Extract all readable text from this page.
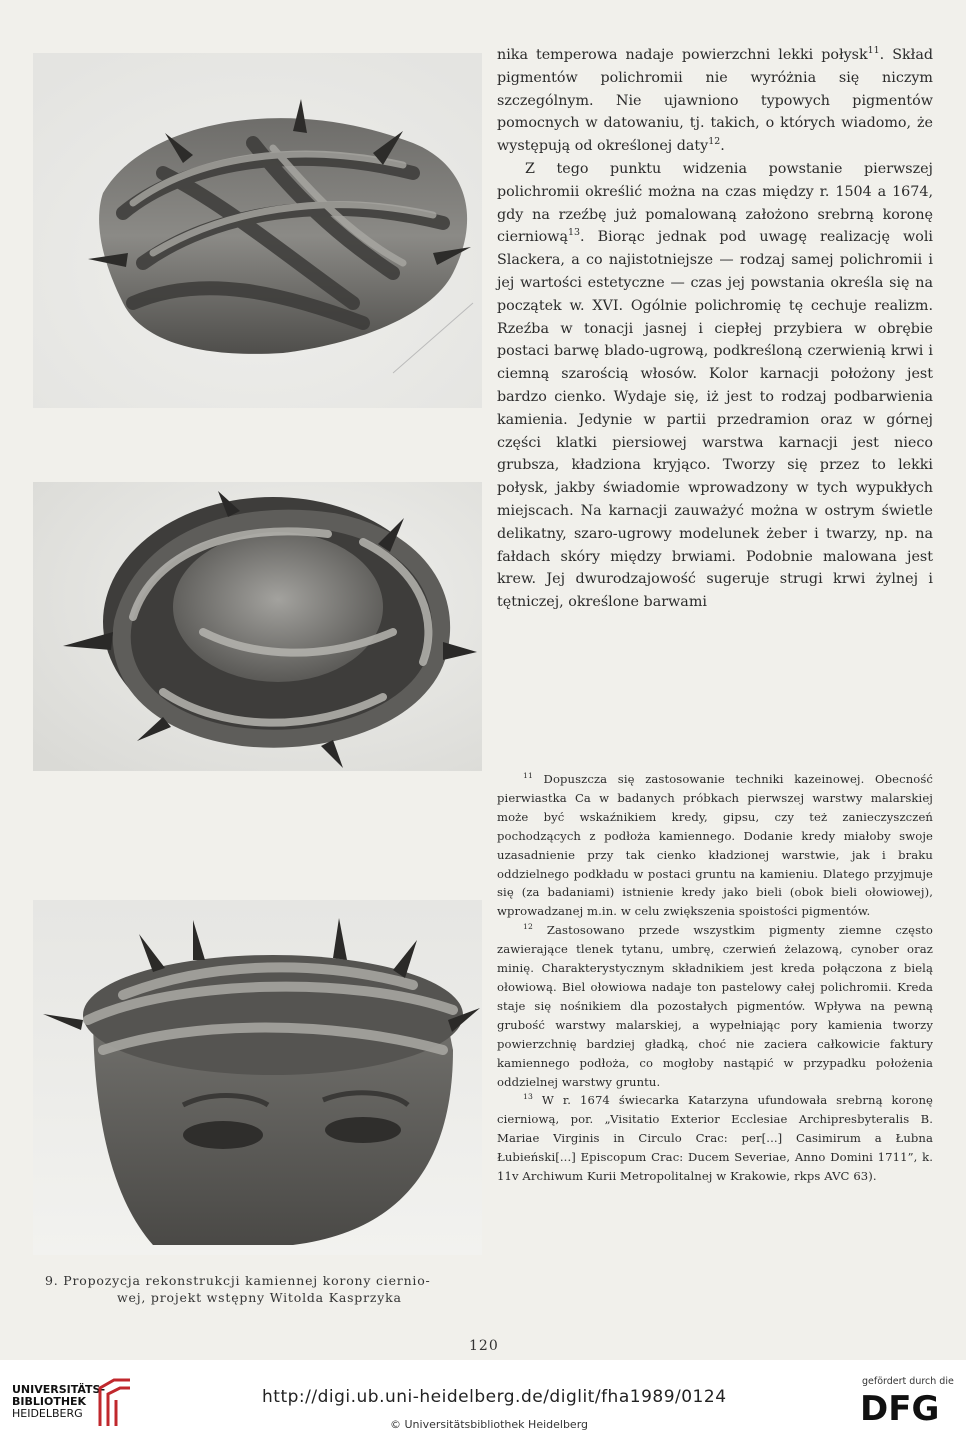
9. Propozycja rekonstrukcji kamiennej korony cierniо-
wej, projekt wstępny Witolda Kasprzyka

nika temperowa nadaje powierzchni lekki połysk$^{11}$. Skład pigmentów polichromii nie wyróżnia się niczym szczególnym. Nie ujawniono typowych pigmentów pomocnych w datowaniu, tj. takich, o których wiadomo, że występują od określonej daty$^{12}$.

Z tego punktu widzenia powstanie pierwszej polichromii określić można na czas między r. 1504 a 1674, gdy na rzeźbę już pomalowaną założono srebrną koronę cierniową$^{13}$. Biorąc jednak pod uwagę realizację woli Slackera, a co najistotniejsze — rodzaj samej polichromii i jej wartości estetyczne — czas jej powstania określa się na początek w. XVI. Ogólnie polichromię tę cechuje realizm. Rzeźba w tonacji jasnej i ciepłej przybiera w obrębie postaci barwę blado-ugrową, podkreśloną czerwienią krwi i ciemną szarością włosów. Kolor karnacji położony jest bardzo cienko. Wydaje się, iż jest to rodzaj podbarwienia kamienia. Jedynie w partii przedramion oraz w górnej części klatki piersiowej warstwa karnacji jest nieco grubsza, kładziona kryjąco. Tworzy się przez to lekki połysk, jakby świadomie wprowadzony w tych wypukłych miejscach. Na karnacji zauważyć można w ostrym świetle delikatny, szaro-ugrowy modelunek żeber i twarzy, np. na fałdach skóry między brwiami. Podobnie malowana jest krew. Jej dwurodzajowość sugeruje strugi krwi żylnej i tętniczej, określone barwami

$^{11}$ Dopuszcza się zastosowanie techniki kazeinowej. Obecność pierwiastka Ca w badanych próbkach pierwszej warstwy malarskiej może być wskaźnikiem kredy, gipsu, czy też zanieczyszczeń pochodzących z podłoża kamiennego. Dodanie kredy miałoby swoje uzasadnienie przy tak cienko kładzionej warstwie, jak i braku oddzielnego podkładu w postaci gruntu na kamieniu. Dlatego przyjmuje się (za badaniami) istnienie kredy jako bieli (obok bieli ołowiowej), wprowadzanej m.in. w celu zwiększenia spoistości pigmentów.

$^{12}$ Zastosowano przede wszystkim pigmenty ziemne często zawierające tlenek tytanu, umbrę, czerwień żelazową, cynober oraz minię. Charakterystycznym składnikiem jest kreda połączona z bielą ołowiową. Biel ołowiowa nadaje ton pastelowy całej polichromii. Kreda staje się nośnikiem dla pozostałych pigmentów. Wpływa na pewną grubość warstwy malarskiej, a wypełniając pory kamienia tworzy powierzchnię bardziej gładką, choć nie zaciera całkowicie faktury kamiennego podłoża, co mogłoby nastąpić w przypadku położenia oddzielnej warstwy gruntu.

$^{13}$ W r. 1674 świecarka Katarzyna ufundowała srebrną koronę cierniową, por. „Visitatio Exterior Ecclesiae Archipresbyteralis B. Mariae Virginis in Circulo Crac: per[...] Casimirum a Łubna Łubieński[...] Episcopum Crac: Ducem Severiae, Anno Domini 1711”, k. 11v Archiwum Kurii Metropolitalnej w Krakowie, rkps AVC 63).

120
UNIVERSITÄTS-
BIBLIOTHEK
HEIDELBERG
http://digi.ub.uni-heidelberg.de/diglit/fha1989/0124
© Universitätsbibliothek Heidelberg
gefördert durch die
DFG
